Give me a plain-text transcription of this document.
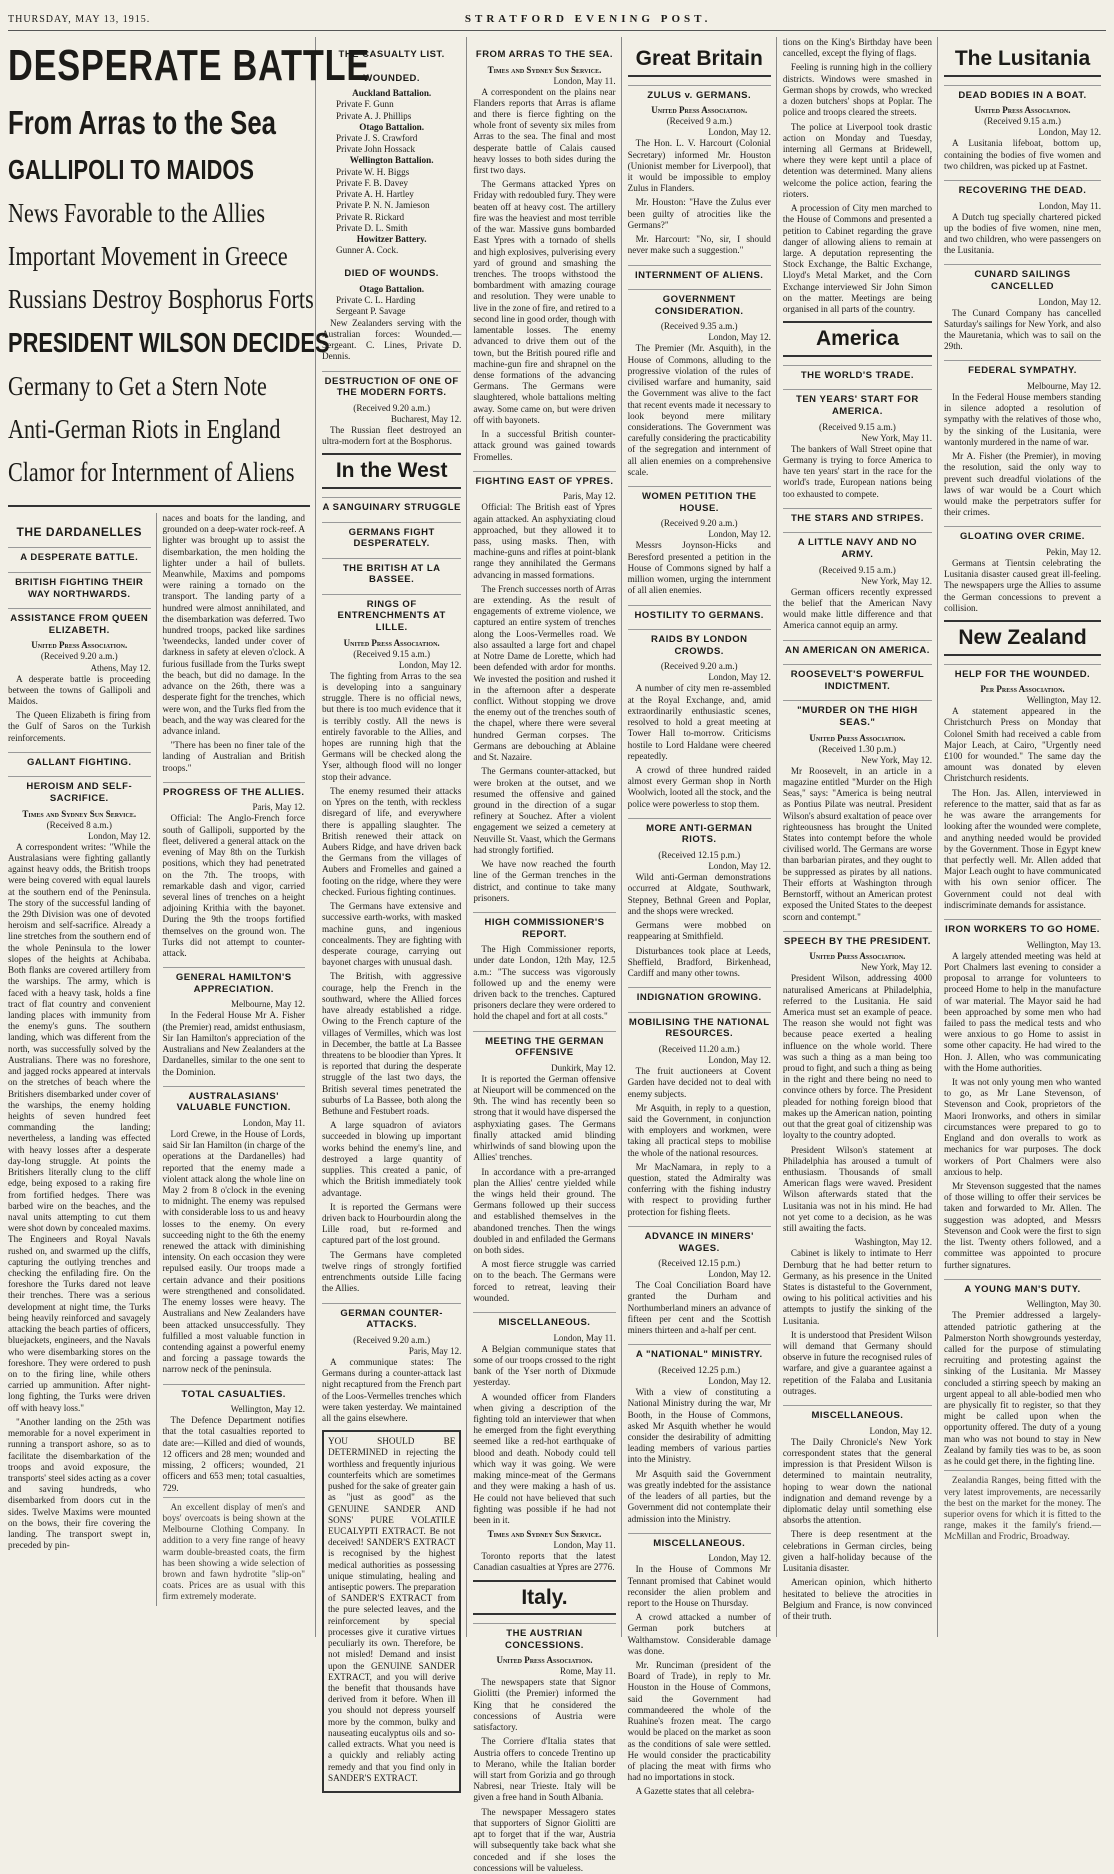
THURSDAY, MAY 13, 1915.	STRATFORD EVENING POST.
DESPERATE BATTLE
From Arras to the Sea
GALLIPOLI TO MAIDOS
News Favorable to the Allies
Important Movement in Greece
Russians Destroy Bosphorus Forts
PRESIDENT WILSON DECIDES
Germany to Get a Stern Note
Anti-German Riots in England
Clamor for Internment of Aliens
THE DARDANELLES
A DESPERATE BATTLE.
BRITISH FIGHTING THEIR WAY NORTHWARDS.
ASSISTANCE FROM QUEEN ELIZABETH.
United Press Association.
(Received 9.20 a.m.)
Athens, May 12.

A desperate battle is proceeding between the towns of Gallipoli and Maidos.

The Queen Elizabeth is firing from the Gulf of Saros on the Turkish reinforcements.

GALLANT FIGHTING.
HEROISM AND SELF-SACRIFICE.
Times and Sydney Sun Service.
(Received 8 a.m.)
London, May 12.

A correspondent writes: "While the Australasians were fighting gallantly against heavy odds, the British troops were being covered with equal laurels at the southern end of the Peninsula. The story of the successful landing of the 29th Division was one of devoted heroism and self-sacrifice. Already a line stretches from the southern end of the whole Peninsula to the lower slopes of the heights at Achibaba. Both flanks are covered artillery from the warships. The army, which is faced with a heavy task, holds a fine tract of flat country and convenient landing places with immunity from the enemy's guns. The southern landing, which was different from the north, was successfully solved by the Australians. There was no foreshore, and jagged rocks appeared at intervals on the stretches of beach where the Britishers disembarked under cover of the warships, the enemy holding heights of seven hundred feet commanding the landing; nevertheless, a landing was effected with heavy losses after a desperate day-long struggle. At points the Britishers literally clung to the cliff edge, being exposed to a raking fire from fortified hedges. There was barbed wire on the beaches, and the naval units attempting to cut them were shot down by concealed maxims. The Engineers and Royal Navals rushed on, and swarmed up the cliffs, capturing the outlying trenches and checking the enfilading fire. On the foreshore the Turks dared not leave their trenches. There was a serious development at night time, the Turks being heavily reinforced and savagely attacking the beach parties of officers, bluejackets, engineers, and the Navals who were disembarking stores on the foreshore. They were ordered to push on to the firing line, while others carried up ammunition. After night-long fighting, the Turks were driven off with heavy loss."

"Another landing on the 25th was memorable for a novel experiment in running a transport ashore, so as to facilitate the disembarkation of the troops and avoid exposure, the transports' steel sides acting as a cover and saving hundreds, who disembarked from doors cut in the sides. Twelve Maxims were mounted on the bows, their fire covering the landing. The transport swept in, preceded by pin-

naces and boats for the landing, and grounded on a deep-water rock-reef. A lighter was brought up to assist the disembarkation, the men holding the lighter under a hail of bullets. Meanwhile, Maxims and pompoms were raining a tornado on the transport. The landing party of a hundred were almost annihilated, and the disembarkation was deferred. Two hundred troops, packed like sardines 'tweendecks, landed under cover of darkness in safety at eleven o'clock. A furious fusillade from the Turks swept the beach, but did no damage. In the advance on the 26th, there was a desperate fight for the trenches, which were won, and the Turks fled from the beach, and the way was cleared for the advance inland.

"There has been no finer tale of the landing of Australian and British troops."

PROGRESS OF THE ALLIES.
Paris, May 12.

Official: The Anglo-French force south of Gallipoli, supported by the fleet, delivered a general attack on the evening of May 8th on the Turkish positions, which they had penetrated on the 7th. The troops, with remarkable dash and vigor, carried several lines of trenches on a height adjoining Krithia with the bayonet. During the 9th the troops fortified themselves on the ground won. The Turks did not attempt to counter-attack.

GENERAL HAMILTON'S APPRECIATION.
Melbourne, May 12.

In the Federal House Mr A. Fisher (the Premier) read, amidst enthusiasm, Sir Ian Hamilton's appreciation of the Australians and New Zealanders at the Dardanelles, similar to the one sent to the Dominion.

AUSTRALASIANS' VALUABLE FUNCTION.
London, May 11.

Lord Crewe, in the House of Lords, said Sir Ian Hamilton (in charge of the operations at the Dardanelles) had reported that the enemy made a violent attack along the whole line on May 2 from 8 o'clock in the evening to midnight. The enemy was repulsed with considerable loss to us and heavy losses to the enemy. On every succeeding night to the 6th the enemy renewed the attack with diminishing intensity. On each occasion they were repulsed easily. Our troops made a certain advance and their positions were strengthened and consolidated. The enemy losses were heavy. The Australians and New Zealanders have been attacked unsuccessfully. They fulfilled a most valuable function in contending against a powerful enemy and forcing a passage towards the narrow neck of the peninsula.

TOTAL CASUALTIES.
Wellington, May 12.

The Defence Department notifies that the total casualties reported to date are:—Killed and died of wounds, 12 officers and 28 men; wounded and missing, 2 officers; wounded, 21 officers and 653 men; total casualties, 729.

An excellent display of men's and boys' overcoats is being shown at the Melbourne Clothing Company. In addition to a very fine range of heavy warm double-breasted coats, the firm has been showing a wide selection of brown and fawn hydrotite "slip-on" coats. Prices are as usual with this firm extremely moderate.

THE CASUALTY LIST.
WOUNDED.
Auckland Battalion.

Private F. Gunn

Private A. J. Phillips

Otago Battalion.

Private J. S. Crawford

Private John Hossack

Wellington Battalion.

Private W. H. Biggs

Private F. B. Davey

Private A. H. Hartley

Private P. N. N. Jamieson

Private R. Rickard

Private D. L. Smith

Howitzer Battery.

Gunner A. Cock.

DIED OF WOUNDS.
Otago Battalion.

Private C. L. Harding

Sergeant P. Savage

New Zealanders serving with the Australian forces: Wounded.—Sergeant. C. Lines, Private D. Dennis.

DESTRUCTION OF ONE OF THE MODERN FORTS.
(Received 9.20 a.m.)
Bucharest, May 12.

The Russian fleet destroyed an ultra-modern fort at the Bosphorus.

In the West
A SANGUINARY STRUGGLE
GERMANS FIGHT DESPERATELY.
THE BRITISH AT LA BASSEE.
RINGS OF ENTRENCHMENTS AT LILLE.
United Press Association.
(Received 9.15 a.m.)
London, May 12.

The fighting from Arras to the sea is developing into a sanguinary struggle. There is no official news, but there is too much evidence that it is terribly costly. All the news is entirely favorable to the Allies, and hopes are running high that the Germans will be checked along the Yser, although flood will no longer stop their advance.

The enemy resumed their attacks on Ypres on the tenth, with reckless disregard of life, and everywhere there is appalling slaughter. The British renewed their attack on Aubers Ridge, and have driven back the Germans from the villages of Aubers and Fromelles and gained a footing on the ridge, where they were checked. Furious fighting continues.

The Germans have extensive and successive earth-works, with masked machine guns, and ingenious concealments. They are fighting with desperate courage, carrying out bayonet charges with unusual dash.

The British, with aggressive courage, help the French in the southward, where the Allied forces have already established a ridge. Owing to the French capture of the villages of Vermilles, which was lost in December, the battle at La Bassee threatens to be bloodier than Ypres. It is reported that during the desperate struggle of the last two days, the British several times penetrated the suburbs of La Bassee, both along the Bethune and Festubert roads.

A large squadron of aviators succeeded in blowing up important works behind the enemy's line, and destroyed a large quantity of supplies. This created a panic, of which the British immediately took advantage.

It is reported the Germans were driven back to Hourbourdin along the Lille road, but re-formed and captured part of the lost ground.

The Germans have completed twelve rings of strongly fortified entrenchments outside Lille facing the Allies.

GERMAN COUNTER-ATTACKS.
(Received 9.20 a.m.)
Paris, May 12.

A communique states: The Germans during a counter-attack last night recaptured from the French part of the Loos-Vermelles trenches which were taken yesterday. We maintained all the gains elsewhere.

YOU SHOULD BE DETERMINED in rejecting the worthless and frequently injurious counterfeits which are sometimes pushed for the sake of greater gain as "just as good" as the GENUINE SANDER AND SONS' PURE VOLATILE EUCALYPTI EXTRACT. Be not deceived! SANDER'S EXTRACT is recognised by the highest medical authorities as possessing unique stimulating, healing and antiseptic powers. The preparation of SANDER'S EXTRACT from the pure selected leaves, and the reinforcement by special processes give it curative virtues peculiarly its own. Therefore, be not misled! Demand and insist upon the GENUINE SANDER EXTRACT, and you will derive the benefit that thousands have derived from it before. When ill you should not depress yourself more by the common, bulky and nauseating eucalyptus oils and so-called extracts. What you need is a quickly and reliably acting remedy and that you find only in SANDER'S EXTRACT.

FROM ARRAS TO THE SEA.
Times and Sydney Sun Service.
London, May 11.

A correspondent on the plains near Flanders reports that Arras is aflame and there is fierce fighting on the whole front of seventy six miles from Arras to the sea. The final and most desperate battle of Calais caused heavy losses to both sides during the first two days.

The Germans attacked Ypres on Friday with redoubled fury. They were beaten off at heavy cost. The artillery fire was the heaviest and most terrible of the war. Massive guns bombarded East Ypres with a tornado of shells and high explosives, pulverising every yard of ground and smashing the trenches. The troops withstood the bombardment with amazing courage and resolution. They were unable to live in the zone of fire, and retired to a second line in good order, though with lamentable losses. The enemy advanced to drive them out of the town, but the British poured rifle and machine-gun fire and shrapnel on the dense formations of the advancing Germans. The Germans were slaughtered, whole battalions melting away. Some came on, but were driven off with bayonets.

In a successful British counter-attack ground was gained towards Fromelles.

FIGHTING EAST OF YPRES.
Paris, May 12.

Official: The British east of Ypres again attacked. An asphyxiating cloud approached, but they allowed it to pass, using masks. Then, with machine-guns and rifles at point-blank range they annihilated the Germans advancing in massed formations.

The French successes north of Arras are extending. As the result of engagements of extreme violence, we captured an entire system of trenches along the Loos-Vermelles road. We also assaulted a large fort and chapel at Notre Dame de Lorette, which had been defended with ardor for months. We invested the position and rushed it in the afternoon after a desperate conflict. Without stopping we drove the enemy out of the trenches south of the chapel, where there were several hundred German corpses. The Germans are debouching at Ablaine and St. Nazaire.

The Germans counter-attacked, but were broken at the outset, and we resumed the offensive and gained ground in the direction of a sugar refinery at Souchez. After a violent engagement we seized a cemetery at Neuville St. Vaast, which the Germans had strongly fortified.

We have now reached the fourth line of the German trenches in the district, and continue to take many prisoners.

HIGH COMMISSIONER'S REPORT.

The High Commissioner reports, under date London, 12th May, 12.5 a.m.: "The success was vigorously followed up and the enemy were driven back to the trenches. Captured prisoners declare they were ordered to hold the chapel and fort at all costs."

MEETING THE GERMAN OFFENSIVE
Dunkirk, May 12.

It is reported the German offensive at Nieuport will be commenced on the 9th. The wind has recently been so strong that it would have dispersed the asphyxiating gases. The Germans finally attacked amid blinding whirlwinds of sand blowing upon the Allies' trenches.

In accordance with a pre-arranged plan the Allies' centre yielded while the wings held their ground. The Germans followed up their success and established themselves in the abandoned trenches. Then the wings doubled in and enfiladed the Germans on both sides.

A most fierce struggle was carried on to the beach. The Germans were forced to retreat, leaving their wounded.

MISCELLANEOUS.
London, May 11.

A Belgian communique states that some of our troops crossed to the right bank of the Yser north of Dixmude yesterday.

A wounded officer from Flanders when giving a description of the fighting told an interviewer that when he emerged from the fight everything seemed like a red-hot earthquake of blood and death. Nobody could tell which way it was going. We were making mince-meat of the Germans and they were making a hash of us. He could not have believed that such fighting was possible if he had not been in it.

Times and Sydney Sun Service.
London, May 11.

Toronto reports that the latest Canadian casualties at Ypres are 2776.

Italy.
THE AUSTRIAN CONCESSIONS.
United Press Association.
Rome, May 11.

The newspapers state that Signor Giolitti (the Premier) informed the King that he considered the concessions of Austria were satisfactory.

The Corriere d'Italia states that Austria offers to concede Trentino up to Merano, while the Italian border will start from Gorizia and go through Nabresi, near Trieste. Italy will be given a free hand in South Albania.

The newspaper Messagero states that supporters of Signor Giolitti are apt to forget that if the war, Austria will subsequently take back what she conceded and if she loses the concessions will be valueless.

Great Britain
ZULUS v. GERMANS.
United Press Association.
(Received 9 a.m.)
London, May 12.

The Hon. L. V. Harcourt (Colonial Secretary) informed Mr. Houston (Unionist member for Liverpool), that it would be impossible to employ Zulus in Flanders.

Mr. Houston: "Have the Zulus ever been guilty of atrocities like the Germans?"

Mr. Harcourt: "No, sir, I should never make such a suggestion."

INTERNMENT OF ALIENS.
GOVERNMENT CONSIDERATION.
(Received 9.35 a.m.)
London, May 12.

The Premier (Mr. Asquith), in the House of Commons, alluding to the progressive violation of the rules of civilised warfare and humanity, said the Government was alive to the fact that recent events made it necessary to look beyond mere military considerations. The Government was carefully considering the practicability of the segregation and internment of all alien enemies on a comprehensive scale.

WOMEN PETITION THE HOUSE.
(Received 9.20 a.m.)
London, May 12.

Messrs Joynson-Hicks and Beresford presented a petition in the House of Commons signed by half a million women, urging the internment of all alien enemies.

HOSTILITY TO GERMANS.
RAIDS BY LONDON CROWDS.
(Received 9.20 a.m.)
London, May 12.

A number of city men re-assembled at the Royal Exchange, and, amid extraordinarily enthusiastic scenes, resolved to hold a great meeting at Tower Hall to-morrow. Criticisms hostile to Lord Haldane were cheered repeatedly.

A crowd of three hundred raided almost every German shop in North Woolwich, looted all the stock, and the police were powerless to stop them.

MORE ANTI-GERMAN RIOTS.
(Received 12.15 p.m.)
London, May 12.

Wild anti-German demonstrations occurred at Aldgate, Southwark, Stepney, Bethnal Green and Poplar, and the shops were wrecked.

Germans were mobbed on reappearing at Smithfield.

Disturbances took place at Leeds, Sheffield, Bradford, Birkenhead, Cardiff and many other towns.

INDIGNATION GROWING.
MOBILISING THE NATIONAL RESOURCES.
(Received 11.20 a.m.)
London, May 12.

The fruit auctioneers at Covent Garden have decided not to deal with enemy subjects.

Mr Asquith, in reply to a question, said the Government, in conjunction with employers and workmen, were taking all practical steps to mobilise the whole of the national resources.

Mr MacNamara, in reply to a question, stated the Admiralty was conferring with the fishing industry with respect to providing further protection for fishing fleets.

ADVANCE IN MINERS' WAGES.
(Received 12.15 p.m.)
London, May 12.

The Coal Conciliation Board have granted the Durham and Northumberland miners an advance of fifteen per cent and the Scottish miners thirteen and a-half per cent.

A "NATIONAL" MINISTRY.
(Received 12.25 p.m.)
London, May 12.

With a view of constituting a National Ministry during the war, Mr Booth, in the House of Commons, asked Mr Asquith whether he would consider the desirability of admitting leading members of various parties into the Ministry.

Mr Asquith said the Government was greatly indebted for the assistance of the leaders of all parties, but the Government did not contemplate their admission into the Ministry.

MISCELLANEOUS.
London, May 12.

In the House of Commons Mr Tennant promised that Cabinet would reconsider the alien problem and report to the House on Thursday.

A crowd attacked a number of German pork butchers at Walthamstow. Considerable damage was done.

Mr. Runciman (president of the Board of Trade), in reply to Mr. Houston in the House of Commons, said the Government had commandeered the whole of the Ruahine's frozen meat. The cargo would be placed on the market as soon as the conditions of sale were settled. He would consider the practicability of placing the meat with firms who had no importations in stock.

A Gazette states that all celebra-

tions on the King's Birthday have been cancelled, except the flying of flags.

Feeling is running high in the colliery districts. Windows were smashed in German shops by crowds, who wrecked a dozen butchers' shops at Poplar. The police and troops cleared the streets.

The police at Liverpool took drastic action on Monday and Tuesday, interning all Germans at Bridewell, where they were kept until a place of detention was determined. Many aliens welcome the police action, fearing the rioters.

A procession of City men marched to the House of Commons and presented a petition to Cabinet regarding the grave danger of allowing aliens to remain at large. A deputation representing the Stock Exchange, the Baltic Exchange, Lloyd's Metal Market, and the Corn Exchange interviewed Sir John Simon on the matter. Meetings are being organised in all parts of the country.

America
THE WORLD'S TRADE.
TEN YEARS' START FOR AMERICA.
(Received 9.15 a.m.)
New York, May 11.

The bankers of Wall Street opine that Germany is trying to force America to have ten years' start in the race for the world's trade, European nations being too exhausted to compete.

THE STARS AND STRIPES.
A LITTLE NAVY AND NO ARMY.
(Received 9.15 a.m.)
New York, May 12.

German officers recently expressed the belief that the American Navy would make little difference and that America cannot equip an army.

AN AMERICAN ON AMERICA.
ROOSEVELT'S POWERFUL INDICTMENT.
"MURDER ON THE HIGH SEAS."
United Press Association.
(Received 1.30 p.m.)
New York, May 12.

Mr Roosevelt, in an article in a magazine entitled "Murder on the High Seas," says: "America is being neutral as Pontius Pilate was neutral. President Wilson's absurd exaltation of peace over righteousness has brought the United States into contempt before the whole civilised world. The Germans are worse than barbarian pirates, and they ought to be suppressed as pirates by all nations. Their efforts at Washington through Bernstorff, without an American protest exposed the United States to the deepest scorn and contempt."

SPEECH BY THE PRESIDENT.
United Press Association.
New York, May 12.

President Wilson, addressing 4000 naturalised Americans at Philadelphia, referred to the Lusitania. He said America must set an example of peace. The reason she would not fight was because peace exerted a healing influence on the whole world. There was such a thing as a man being too proud to fight, and such a thing as being in the right and there being no need to convince others by force. The President pleaded for nothing foreign blood that makes up the American nation, pointing out that the great goal of citizenship was loyalty to the country adopted.

President Wilson's statement at Philadelphia has aroused a tumult of enthusiasm. Thousands of small American flags were waved. President Wilson afterwards stated that the Lusitania was not in his mind. He had not yet come to a decision, as he was still awaiting the facts.

Washington, May 12.

Cabinet is likely to intimate to Herr Dernburg that he had better return to Germany, as his presence in the United States is distasteful to the Government, owing to his political activities and his attempts to justify the sinking of the Lusitania.

It is understood that President Wilson will demand that Germany should observe in future the recognised rules of warfare, and give a guarantee against a repetition of the Falaba and Lusitania outrages.

MISCELLANEOUS.
London, May 12.

The Daily Chronicle's New York correspondent states that the general impression is that President Wilson is determined to maintain neutrality, hoping to wear down the national indignation and demand revenge by a diplomatic delay until something else absorbs the attention.

There is deep resentment at the celebrations in German circles, being given a half-holiday because of the Lusitania disaster.

American opinion, which hitherto hesitated to believe the atrocities in Belgium and France, is now convinced of their truth.

The Lusitania
DEAD BODIES IN A BOAT.
United Press Association.
(Received 9.15 a.m.)
London, May 12.

A Lusitania lifeboat, bottom up, containing the bodies of five women and two children, was picked up at Fastnet.

RECOVERING THE DEAD.
London, May 11.

A Dutch tug specially chartered picked up the bodies of five women, nine men, and two children, who were passengers on the Lusitania.

CUNARD SAILINGS CANCELLED
London, May 12.

The Cunard Company has cancelled Saturday's sailings for New York, and also the Mauretania, which was to sail on the 29th.

FEDERAL SYMPATHY.
Melbourne, May 12.

In the Federal House members standing in silence adopted a resolution of sympathy with the relatives of those who, by the sinking of the Lusitania, were wantonly murdered in the name of war.

Mr A. Fisher (the Premier), in moving the resolution, said the only way to prevent such dreadful violations of the laws of war would be a Court which would make the perpetrators suffer for their crimes.

GLOATING OVER CRIME.
Pekin, May 12.

Germans at Tientsin celebrating the Lusitania disaster caused great ill-feeling. The newspapers urge the Allies to assume the German concessions to prevent a collision.

New Zealand
HELP FOR THE WOUNDED.
Per Press Association.
Wellington, May 12.

A statement appeared in the Christchurch Press on Monday that Colonel Smith had received a cable from Major Leach, at Cairo, "Urgently need £100 for wounded." The same day the amount was donated by eleven Christchurch residents.

The Hon. Jas. Allen, interviewed in reference to the matter, said that as far as he was aware the arrangements for looking after the wounded were complete, and anything needed would be provided by the Government. Those in Egypt knew that perfectly well. Mr. Allen added that Major Leach ought to have communicated with his own senior officer. The Government could not deal with indiscriminate demands for assistance.

IRON WORKERS TO GO HOME.
Wellington, May 13.

A largely attended meeting was held at Port Chalmers last evening to consider a proposal to arrange for volunteers to proceed Home to help in the manufacture of war material. The Mayor said he had been approached by some men who had failed to pass the medical tests and who were anxious to go Home to assist in some other capacity. He had wired to the Hon. J. Allen, who was communicating with the Home authorities.

It was not only young men who wanted to go, as Mr Lane Stevenson, of Stevenson and Cook, proprietors of the Maori Ironworks, and others in similar circumstances were prepared to go to England and don overalls to work as mechanics for war purposes. The dock workers of Port Chalmers were also anxious to help.

Mr Stevenson suggested that the names of those willing to offer their services be taken and forwarded to Mr. Allen. The suggestion was adopted, and Messrs Stevenson and Cook were the first to sign the list. Twenty others followed, and a committee was appointed to procure further signatures.

A YOUNG MAN'S DUTY.
Wellington, May 30.

The Premier addressed a largely-attended patriotic gathering at the Palmerston North showgrounds yesterday, called for the purpose of stimulating recruiting and protesting against the sinking of the Lusitania. Mr Massey concluded a stirring speech by making an urgent appeal to all able-bodied men who are physically fit to register, so that they might be called upon when the opportunity offered. The duty of a young man who was not bound to stay in New Zealand by family ties was to be, as soon as he could get there, in the fighting line.

Zealandia Ranges, being fitted with the very latest improvements, are necessarily the best on the market for the money. The superior ovens for which it is fitted to the range, makes it the family's friend.—McMillan and Frodric, Broadway.
